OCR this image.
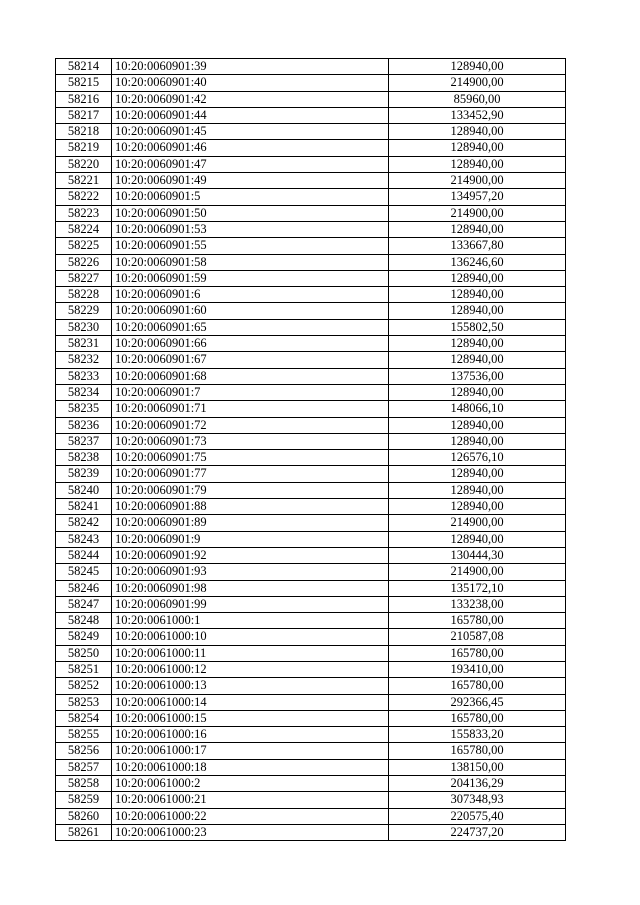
58214	10:20:0060901:39	128940,00
58215	10:20:0060901:40	214900,00
58216	10:20:0060901:42	85960,00
58217	10:20:0060901:44	133452,90
58218	10:20:0060901:45	128940,00
58219	10:20:0060901:46	128940,00
58220	10:20:0060901:47	128940,00
58221	10:20:0060901:49	214900,00
58222	10:20:0060901:5	134957,20
58223	10:20:0060901:50	214900,00
58224	10:20:0060901:53	128940,00
58225	10:20:0060901:55	133667,80
58226	10:20:0060901:58	136246,60
58227	10:20:0060901:59	128940,00
58228	10:20:0060901:6	128940,00
58229	10:20:0060901:60	128940,00
58230	10:20:0060901:65	155802,50
58231	10:20:0060901:66	128940,00
58232	10:20:0060901:67	128940,00
58233	10:20:0060901:68	137536,00
58234	10:20:0060901:7	128940,00
58235	10:20:0060901:71	148066,10
58236	10:20:0060901:72	128940,00
58237	10:20:0060901:73	128940,00
58238	10:20:0060901:75	126576,10
58239	10:20:0060901:77	128940,00
58240	10:20:0060901:79	128940,00
58241	10:20:0060901:88	128940,00
58242	10:20:0060901:89	214900,00
58243	10:20:0060901:9	128940,00
58244	10:20:0060901:92	130444,30
58245	10:20:0060901:93	214900,00
58246	10:20:0060901:98	135172,10
58247	10:20:0060901:99	133238,00
58248	10:20:0061000:1	165780,00
58249	10:20:0061000:10	210587,08
58250	10:20:0061000:11	165780,00
58251	10:20:0061000:12	193410,00
58252	10:20:0061000:13	165780,00
58253	10:20:0061000:14	292366,45
58254	10:20:0061000:15	165780,00
58255	10:20:0061000:16	155833,20
58256	10:20:0061000:17	165780,00
58257	10:20:0061000:18	138150,00
58258	10:20:0061000:2	204136,29
58259	10:20:0061000:21	307348,93
58260	10:20:0061000:22	220575,40
58261	10:20:0061000:23	224737,20
